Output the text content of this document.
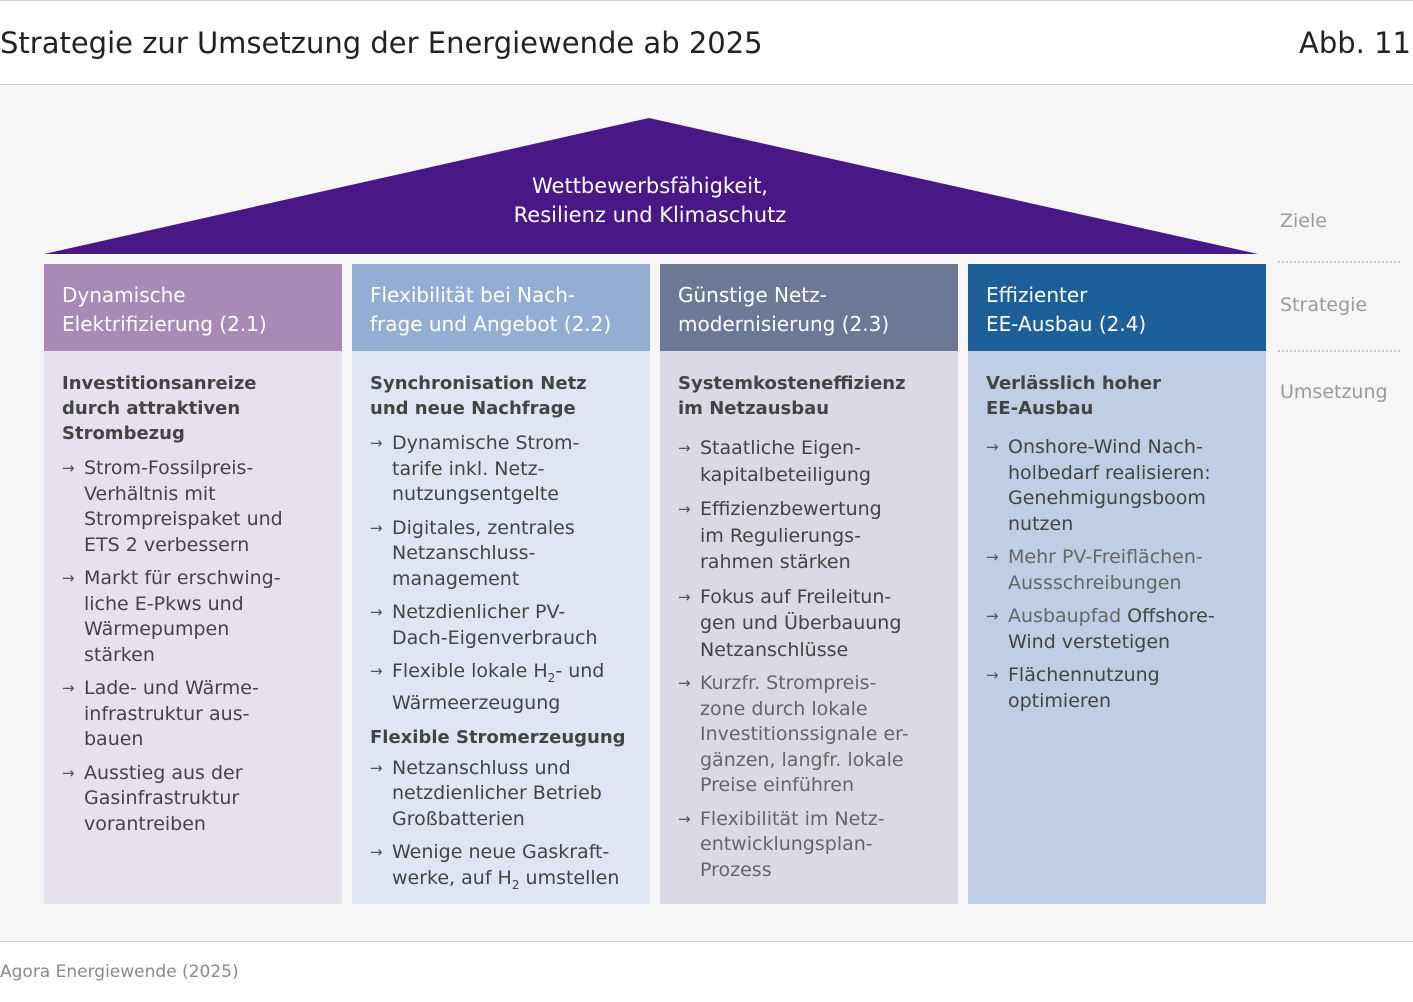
Strategie zur Umsetzung der Energiewende ab 2025	Abb. 11
Wettbewerbsfähigkeit,
Resilienz und Klimaschutz	Ziele
Strategie
Umsetzung
Dynamische
Elektrifizierung (2.1)
Investitionsanreize
durch attraktiven
Strombezug
→ Strom-Fossilpreis-
Verhältnis mit
Strompreispaket und
ETS 2 verbessern
→ Markt für erschwing-
liche E-Pkws und
Wärmepumpen
stärken
→ Lade- und Wärme-
infrastruktur aus-
bauen
→ Ausstieg aus der
Gasinfrastruktur
vorantreiben
Flexibilität bei Nach-
frage und Angebot (2.2)
Synchronisation Netz
und neue Nachfrage
→ Dynamische Strom-
tarife inkl. Netz-
nutzungsentgelte
→ Digitales, zentrales
Netzanschluss-
management
→ Netzdienlicher PV-
Dach-Eigenverbrauch
→ Flexible lokale $H_2-$ und
Wärmeerzeugung
Flexible Stromerzeugung
→ Netzanschluss und
netzdienlicher Betrieb
Großbatterien
→ Wenige neue Gaskraft-
werke, auf $H_2$ umstellen
Günstige Netz-
modernisierung (2.3)
Systemkosteneffizienz
im Netzausbau
→ Staatliche Eigen-
kapitalbeteiligung
→ Effizienzbewertung
im Regulierungs-
rahmen stärken
→ Fokus auf Freileitun-
gen und Überbauung
Netzanschlüsse
→ Kurzfr. Strompreis-
zone durch lokale
Investitionssignale er-
gänzen, langfr. lokale
Preise einführen
→ Flexibilität im Netz-
entwicklungsplan-
Prozess
Effizienter
EE-Ausbau (2.4)
Verlässlich hoher
EE-Ausbau
→ Onshore-Wind Nach-
holbedarf realisieren:
Genehmigungsboom
nutzen
→ Mehr PV-Freiflächen-
Aussschreibungen
→ Ausbaupfad Offshore-
Wind verstetigen
→ Flächennutzung
optimieren
Agora Energiewende (2025)
